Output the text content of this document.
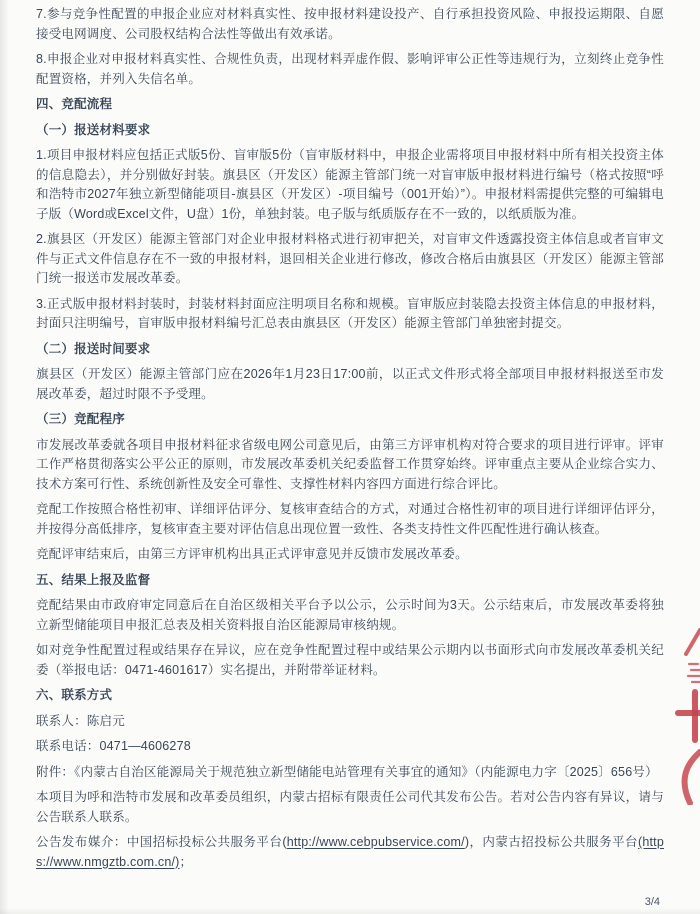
7.参与竞争性配置的申报企业应对材料真实性、按申报材料建设投产、自行承担投资风险、申报投运期限、自愿接受电网调度、公司股权结构合法性等做出有效承诺。

8.申报企业对申报材料真实性、合规性负责，出现材料弄虚作假、影响评审公正性等违规行为，立刻终止竞争性配置资格，并列入失信名单。

四、竞配流程

（一）报送材料要求

1.项目申报材料应包括正式版5份、盲审版5份（盲审版材料中，申报企业需将项目申报材料中所有相关投资主体的信息隐去），并分别做好封装。旗县区（开发区）能源主管部门统一对盲审版申报材料进行编号（格式按照“呼和浩特市2027年独立新型储能项目-旗县区（开发区）-项目编号（001开始）”）。申报材料需提供完整的可编辑电子版（Word或Excel文件，U盘）1份，单独封装。电子版与纸质版存在不一致的，以纸质版为准。

2.旗县区（开发区）能源主管部门对企业申报材料格式进行初审把关，对盲审文件透露投资主体信息或者盲审文件与正式文件信息存在不一致的申报材料，退回相关企业进行修改，修改合格后由旗县区（开发区）能源主管部门统一报送市发展改革委。

3.正式版申报材料封装时，封装材料封面应注明项目名称和规模。盲审版应封装隐去投资主体信息的申报材料，封面只注明编号，盲审版申报材料编号汇总表由旗县区（开发区）能源主管部门单独密封提交。

（二）报送时间要求

旗县区（开发区）能源主管部门应在2026年1月23日17:00前，以正式文件形式将全部项目申报材料报送至市发展改革委，超过时限不予受理。

（三）竞配程序

市发展改革委就各项目申报材料征求省级电网公司意见后，由第三方评审机构对符合要求的项目进行评审。评审工作严格贯彻落实公平公正的原则，市发展改革委机关纪委监督工作贯穿始终。评审重点主要从企业综合实力、技术方案可行性、系统创新性及安全可靠性、支撑性材料内容四方面进行综合评比。

竞配工作按照合格性初审、详细评估评分、复核审查结合的方式，对通过合格性初审的项目进行详细评估评分，并按得分高低排序，复核审查主要对评估信息出现位置一致性、各类支持性文件匹配性进行确认核查。

竞配评审结束后，由第三方评审机构出具正式评审意见并反馈市发展改革委。

五、结果上报及监督

竞配结果由市政府审定同意后在自治区级相关平台予以公示，公示时间为3天。公示结束后，市发展改革委将独立新型储能项目申报汇总表及相关资料报自治区能源局审核纳规。

如对竞争性配置过程或结果存在异议，应在竞争性配置过程中或结果公示期内以书面形式向市发展改革委机关纪委（举报电话：0471-4601617）实名提出，并附带举证材料。

六、联系方式

联系人：陈启元

联系电话：0471—4606278

附件：《内蒙古自治区能源局关于规范独立新型储能电站管理有关事宜的通知》（内能源电力字〔2025〕656号）

本项目为呼和浩特市发展和改革委员组织，内蒙古招标有限责任公司代其发布公告。若对公告内容有异议，请与公告联系人联系。

公告发布媒介：中国招标投标公共服务平台(http://www.cebpubservice.com/)，内蒙古招投标公共服务平台(https://www.nmgztb.com.cn/)；

3/4
